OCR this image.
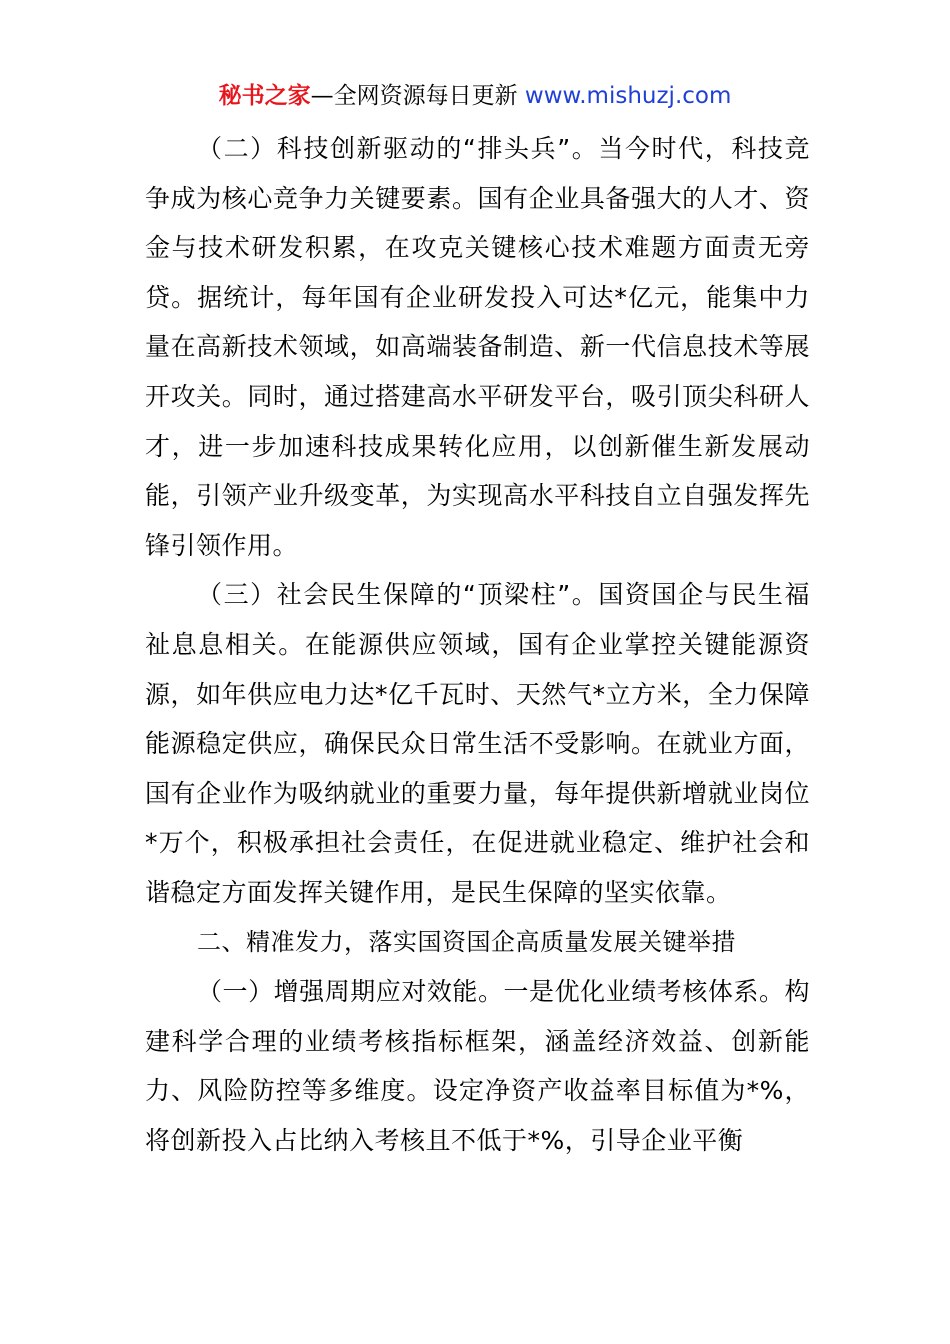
秘书之家—全网资源每日更新 www.mishuzj.com

（二）科技创新驱动的“排头兵”。当今时代，科技竞争成为核心竞争力关键要素。国有企业具备强大的人才、资金与技术研发积累，在攻克关键核心技术难题方面责无旁贷。据统计，每年国有企业研发投入可达*亿元，能集中力量在高新技术领域，如高端装备制造、新一代信息技术等展开攻关。同时，通过搭建高水平研发平台，吸引顶尖科研人才，进一步加速科技成果转化应用，以创新催生新发展动能，引领产业升级变革，为实现高水平科技自立自强发挥先锋引领作用。

（三）社会民生保障的“顶梁柱”。国资国企与民生福祉息息相关。在能源供应领域，国有企业掌控关键能源资源，如年供应电力达*亿千瓦时、天然气*立方米，全力保障能源稳定供应，确保民众日常生活不受影响。在就业方面，国有企业作为吸纳就业的重要力量，每年提供新增就业岗位*万个，积极承担社会责任，在促进就业稳定、维护社会和谐稳定方面发挥关键作用，是民生保障的坚实依靠。

二、精准发力，落实国资国企高质量发展关键举措

（一）增强周期应对效能。一是优化业绩考核体系。构建科学合理的业绩考核指标框架，涵盖经济效益、创新能力、风险防控等多维度。设定净资产收益率目标值为*%，将创新投入占比纳入考核且不低于*%，引导企业平衡
